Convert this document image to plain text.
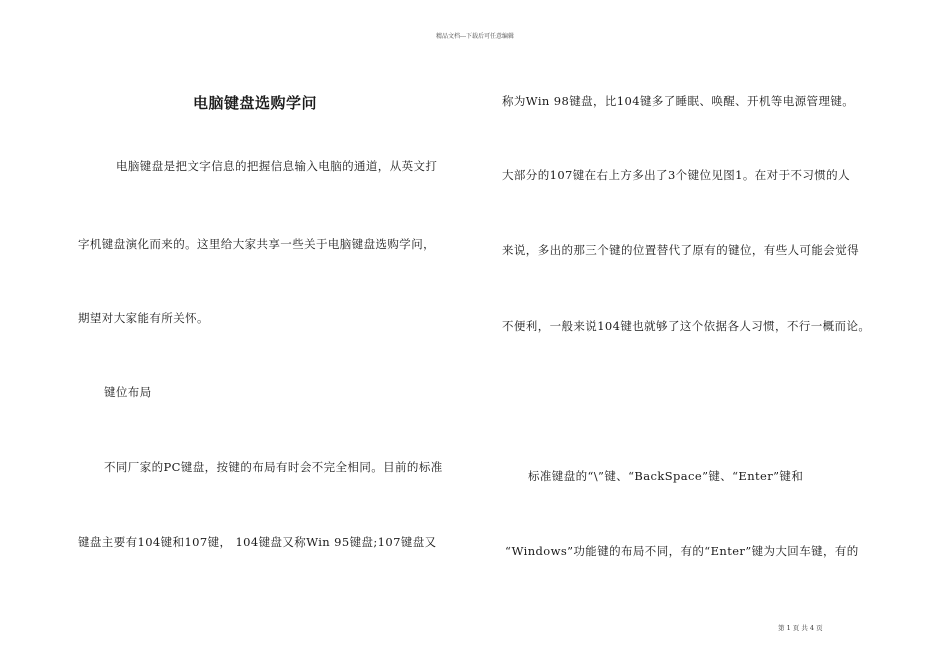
精品文档---下载后可任意编辑
电脑键盘选购学问
电脑键盘是把文字信息的把握信息输入电脑的通道，从英文打
字机键盘演化而来的。这里给大家共享一些关于电脑键盘选购学问，
期望对大家能有所关怀。
键位布局
不同厂家的PC键盘，按键的布局有时会不完全相同。目前的标准
键盘主要有104键和107键， 104键盘又称Win 95键盘;107键盘又
称为Win 98键盘，比104键多了睡眠、唤醒、开机等电源管理键。
大部分的107键在右上方多出了3个键位见图1。在对于不习惯的人
来说，多出的那三个键的位置替代了原有的键位，有些人可能会觉得
不便利，一般来说104键也就够了这个依据各人习惯，不行一概而论。
标准键盘的“\”键、“BackSpace”键、“Enter”键和
“Windows”功能键的布局不同，有的“Enter”键为大回车键，有的
第 1 页 共 4 页
